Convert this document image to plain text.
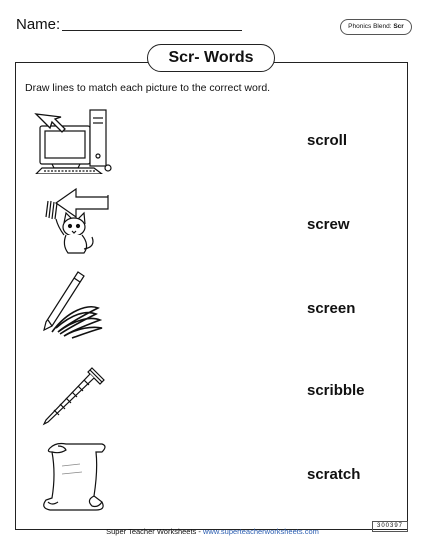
Name:	Phonics Blend: Scr
Scr- Words
Draw lines to match each picture to the correct word.
scroll
screw
screen
scribble
scratch
Super Teacher Worksheets - www.superteacherworksheets.com
300397
